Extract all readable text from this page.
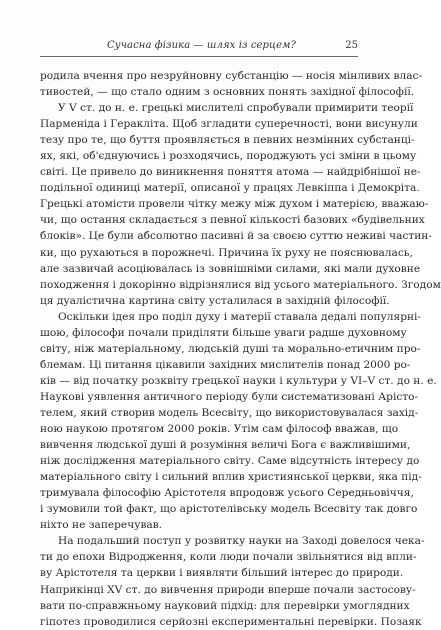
Сучасна фізика — шлях із серцем?	25
родила вчення про незруйновну субстанцію — носія мінливих влас-
тивостей, — що стало одним з основних понять західної філософії.
У V ст. до н. е. грецькі мислителі спробували примирити теорії
Парменіда і Геракліта. Щоб згладити суперечності, вони висунули
тезу про те, що буття проявляється в певних незмінних субстанці-
ях, які, об'єднуючись і розходячись, породжують усі зміни в цьому
світі. Це привело до виникнення поняття атома — найдрібнішої не-
подільної одиниці матерії, описаної у працях Левкіппа і Демокріта.
Грецькі атомісти провели чітку межу між духом і матерією, вважаю-
чи, що остання складається з певної кількості базових «будівельних
блоків». Це були абсолютно пасивні й за своєю суттю неживі частин-
ки, що рухаються в порожнечі. Причина їх руху не пояснювалась,
але зазвичай асоціювалась із зовнішніми силами, які мали духовне
походження і докорінно відрізнялися від усього матеріального. Згодом
ця дуалістична картина світу усталилася в західній філософії.
Оскільки ідея про поділ духу і матерії ставала дедалі популярні-
шою, філософи почали приділяти більше уваги радше духовному
світу, ніж матеріальному, людській душі та морально-етичним про-
блемам. Ці питання цікавили західних мислителів понад 2000 ро-
ків — від початку розквіту грецької науки і культури у VI–V ст. до н. е.
Наукові уявлення античного періоду були систематизовані Арісто-
телем, який створив модель Всесвіту, що використовувалася захід-
ною наукою протягом 2000 років. Утім сам філософ вважав, що
вивчення людської душі й розуміння величі Бога є важливішими,
ніж дослідження матеріального світу. Саме відсутність інтересу до
матеріального світу і сильний вплив християнської церкви, яка під-
тримувала філософію Арістотеля впродовж усього Середньовіччя,
і зумовили той факт, що арістотелівську модель Всесвіту так довго
ніхто не заперечував.
На подальший поступ у розвитку науки на Заході довелося чека-
ти до епохи Відродження, коли люди почали звільнятися від впли-
ву Арістотеля та церкви і виявляти більший інтерес до природи.
Наприкінці XV ст. до вивчення природи вперше почали застосову-
вати по-справжньому науковий підхід: для перевірки умоглядних
гіпотез проводилися серйозні експериментальні перевірки. Позаяк
